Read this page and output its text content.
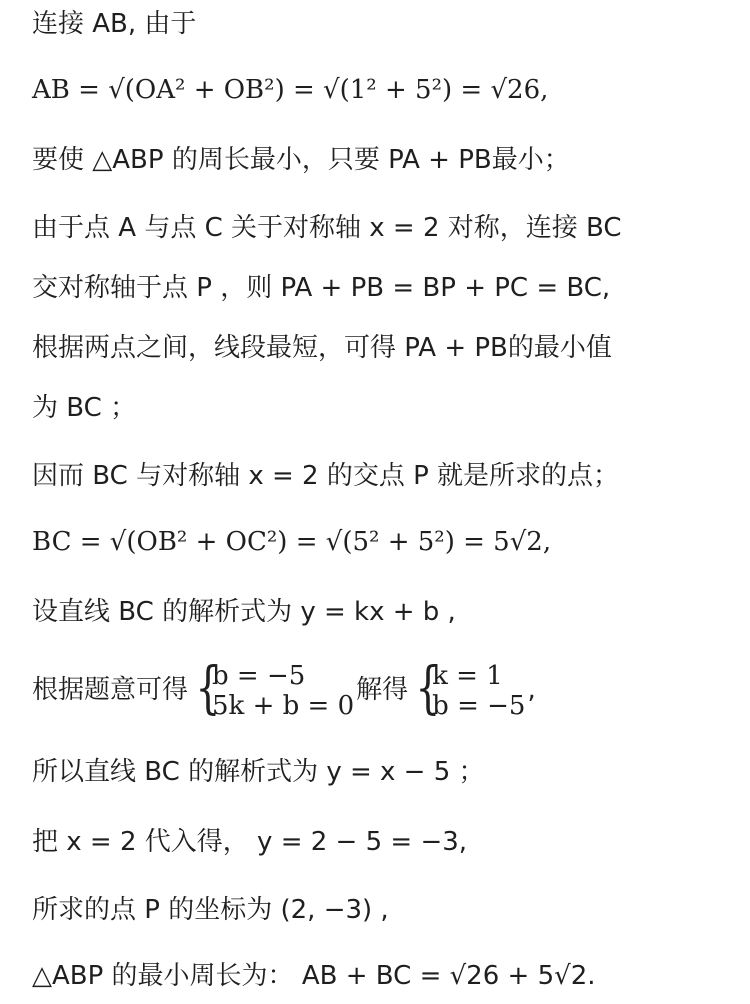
连接 AB, 由于
AB = √(OA² + OB²) = √(1² + 5²) = √26,
要使 △ABP 的周长最小，只要 PA + PB最小；
由于点 A 与点 C 关于对称轴 x = 2 对称，连接 BC
交对称轴于点 P ，则 PA + PB = BP + PC = BC,
根据两点之间，线段最短，可得 PA + PB的最小值
为 BC ；
因而 BC 与对称轴 x = 2 的交点 P 就是所求的点；
BC = √(OB² + OC²) = √(5² + 5²) = 5√2,
设直线 BC 的解析式为 y = kx + b ,
根据题意可得 {
b = −5
5k + b = 0
解得 {
k = 1
b = −5
,
所以直线 BC 的解析式为 y = x − 5 ；
把 x = 2 代入得， y = 2 − 5 = −3,
所求的点 P 的坐标为 (2, −3) ,
△ABP 的最小周长为： AB + BC = √26 + 5√2.
